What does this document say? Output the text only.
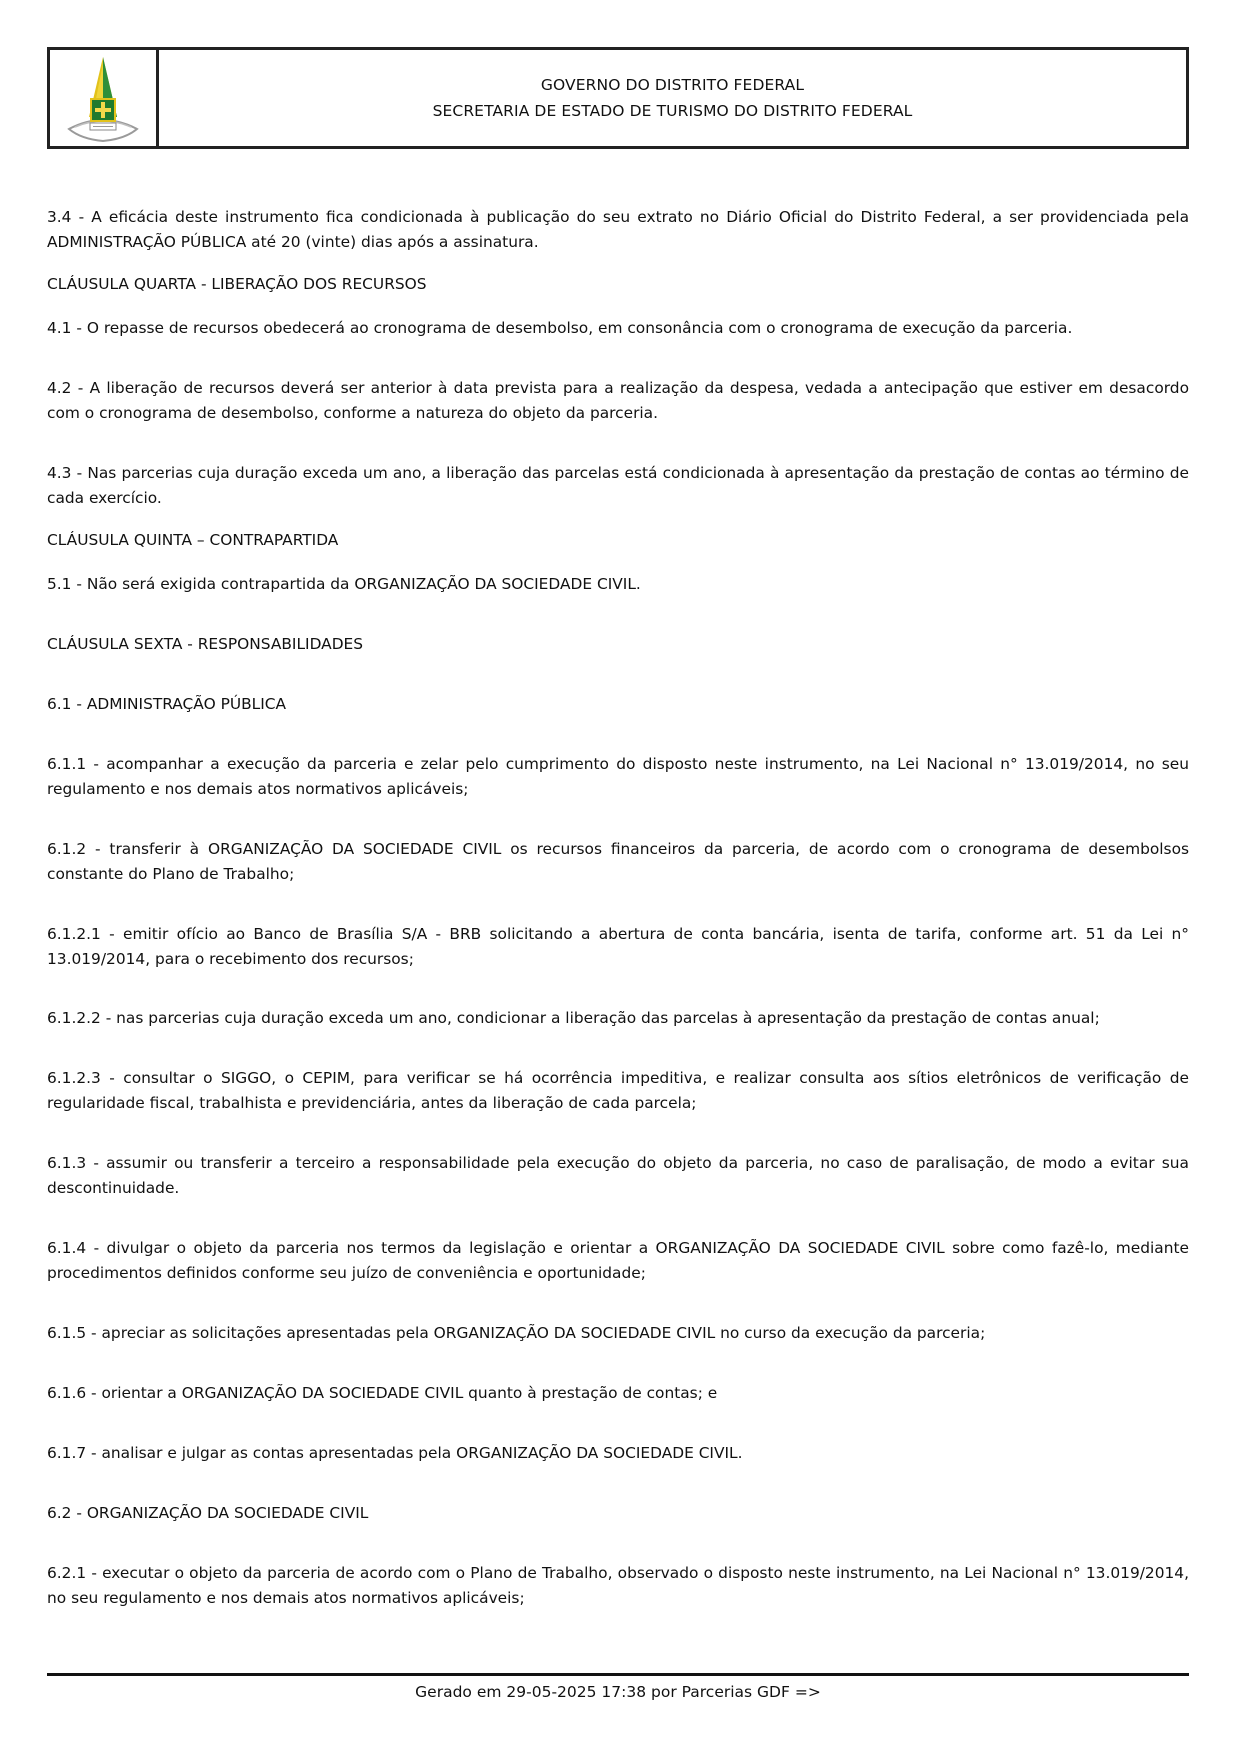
GOVERNO DO DISTRITO FEDERAL
SECRETARIA DE ESTADO DE TURISMO DO DISTRITO FEDERAL

3.4 - A eficácia deste instrumento fica condicionada à publicação do seu extrato no Diário Oficial do Distrito Federal, a ser providenciada pela ADMINISTRAÇÃO PÚBLICA até 20 (vinte) dias após a assinatura.

CLÁUSULA QUARTA - LIBERAÇÃO DOS RECURSOS

4.1 - O repasse de recursos obedecerá ao cronograma de desembolso, em consonância com o cronograma de execução da parceria.

4.2 - A liberação de recursos deverá ser anterior à data prevista para a realização da despesa, vedada a antecipação que estiver em desacordo com o cronograma de desembolso, conforme a natureza do objeto da parceria.

4.3 - Nas parcerias cuja duração exceda um ano, a liberação das parcelas está condicionada à apresentação da prestação de contas ao término de cada exercício.

CLÁUSULA QUINTA – CONTRAPARTIDA

5.1 - Não será exigida contrapartida da ORGANIZAÇÃO DA SOCIEDADE CIVIL.

CLÁUSULA SEXTA - RESPONSABILIDADES

6.1 - ADMINISTRAÇÃO PÚBLICA

6.1.1 - acompanhar a execução da parceria e zelar pelo cumprimento do disposto neste instrumento, na Lei Nacional n° 13.019/2014, no seu regulamento e nos demais atos normativos aplicáveis;

6.1.2 - transferir à ORGANIZAÇÃO DA SOCIEDADE CIVIL os recursos financeiros da parceria, de acordo com o cronograma de desembolsos constante do Plano de Trabalho;

6.1.2.1 - emitir ofício ao Banco de Brasília S/A - BRB solicitando a abertura de conta bancária, isenta de tarifa, conforme art. 51 da Lei n° 13.019/2014, para o recebimento dos recursos;

6.1.2.2 - nas parcerias cuja duração exceda um ano, condicionar a liberação das parcelas à apresentação da prestação de contas anual;

6.1.2.3 - consultar o SIGGO, o CEPIM, para verificar se há ocorrência impeditiva, e realizar consulta aos sítios eletrônicos de verificação de regularidade fiscal, trabalhista e previdenciária, antes da liberação de cada parcela;

6.1.3 - assumir ou transferir a terceiro a responsabilidade pela execução do objeto da parceria, no caso de paralisação, de modo a evitar sua descontinuidade.

6.1.4 - divulgar o objeto da parceria nos termos da legislação e orientar a ORGANIZAÇÃO DA SOCIEDADE CIVIL sobre como fazê-lo, mediante procedimentos definidos conforme seu juízo de conveniência e oportunidade;

6.1.5 - apreciar as solicitações apresentadas pela ORGANIZAÇÃO DA SOCIEDADE CIVIL no curso da execução da parceria;

6.1.6 - orientar a ORGANIZAÇÃO DA SOCIEDADE CIVIL quanto à prestação de contas; e

6.1.7 - analisar e julgar as contas apresentadas pela ORGANIZAÇÃO DA SOCIEDADE CIVIL.

6.2 - ORGANIZAÇÃO DA SOCIEDADE CIVIL

6.2.1 - executar o objeto da parceria de acordo com o Plano de Trabalho, observado o disposto neste instrumento, na Lei Nacional n° 13.019/2014, no seu regulamento e nos demais atos normativos aplicáveis;

Gerado em 29-05-2025 17:38 por Parcerias GDF =>
